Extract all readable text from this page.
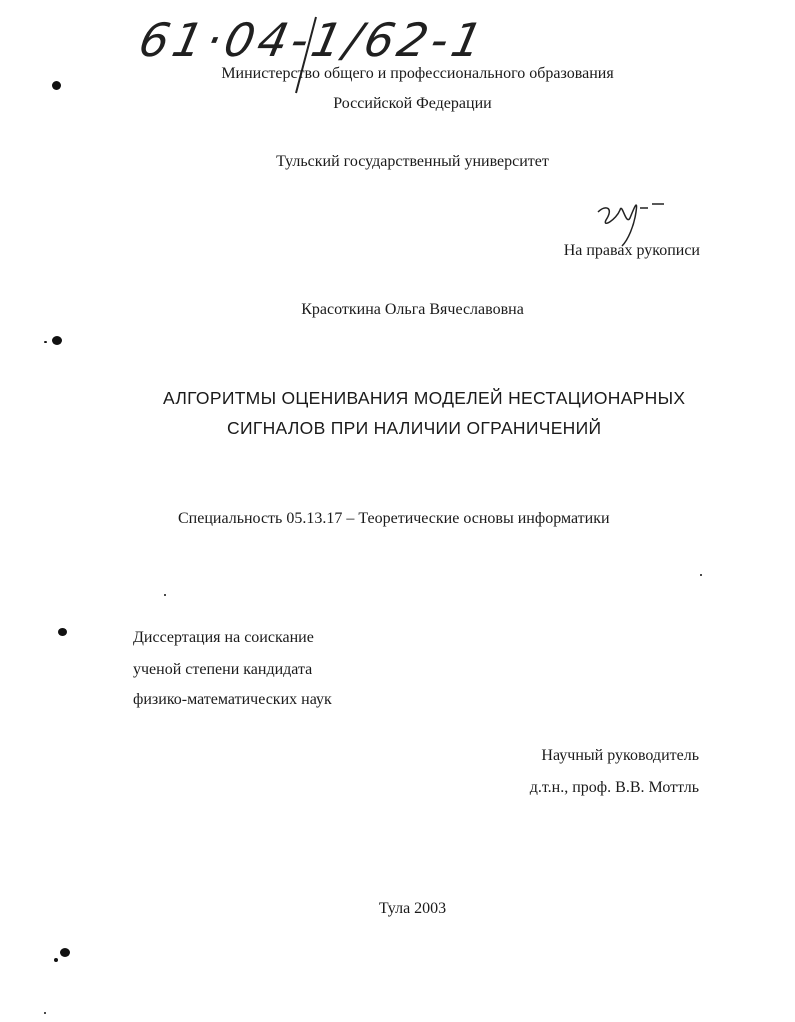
61·04-1/62-1
Министерство общего и профессионального образования
Российской Федерации
Тульский государственный университет
На правах рукописи
Красоткина Ольга Вячеславовна
АЛГОРИТМЫ ОЦЕНИВАНИЯ МОДЕЛЕЙ НЕСТАЦИОНАРНЫХ
СИГНАЛОВ ПРИ НАЛИЧИИ ОГРАНИЧЕНИЙ
Специальность 05.13.17 – Теоретические основы информатики
Диссертация на соискание
ученой степени кандидата
физико-математических наук
Научный руководитель
д.т.н., проф. В.В. Моттль
Тула 2003
